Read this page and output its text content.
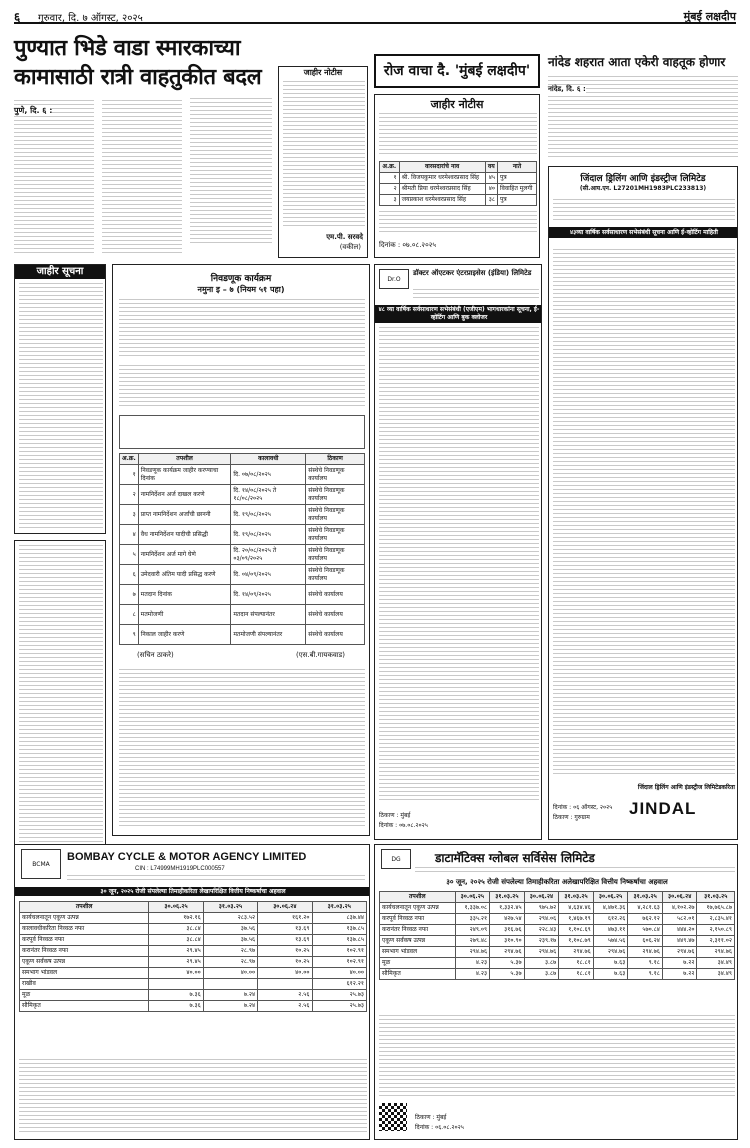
६ गुरुवार, दि. ७ ऑगस्ट, २०२५	मुंबई लक्षदीप
पुण्यात भिडे वाडा स्मारकाच्या कामासाठी रात्री वाहतुकीत बदल
पुणे, दि. ६ :
जाहीर नोटीस
एम.पी. सरवदे
(वकील)
रोज वाचा दै. 'मुंबई लक्षदीप'
जाहीर नोटीस
अ.क्र.	वारसदारांचे नाव	वय	नाते
१	श्री. विजयकुमार धरमेश्वरप्रसाद सिंह	४५	पुत्र
२	श्रीमती प्रिया धरमेश्वरप्रसाद सिंह	४०	विवाहित मुलगी
३	जयप्रकाश धरमेश्वरप्रसाद सिंह	३८	पुत्र
दिनांक : ०७.०८.२०२५
नांदेड शहरात आता एकेरी वाहतूक होणार
नांदेड, दि. ६ :
जिंदाल ड्रिलिंग आणि इंडस्ट्रीज लिमिटेड
(सी.आय.एन. L27201MH1983PLC233813)
४३व्या वार्षिक सर्वसाधारण सभेसंबंधी सूचना आणि ई-व्होटिंग माहिती
जिंदाल ड्रिलिंग आणि इंडस्ट्रीज लिमिटेडकरिता
दिनांक : ०६ ऑगस्ट, २०२५
ठिकाण : गुरुग्राम JINDAL
जाहीर सूचना
निवडणूक कार्यक्रम
नमुना इ – ७ (नियम ५१ पहा)
अ.क्र.	तपशील	कालावधी	ठिकाण
१	निवडणूक कार्यक्रम जाहीर करण्याचा दिनांक	दि. ०७/०८/२०२५	संस्थेचे निवडणूक कार्यालय
२	नामनिर्देशन अर्ज दाखल करणे	दि. १४/०८/२०२५ ते १८/०८/२०२५	संस्थेचे निवडणूक कार्यालय
३	प्राप्त नामनिर्देशन अर्जांची छाननी	दि. १९/०८/२०२५	संस्थेचे निवडणूक कार्यालय
४	वैध नामनिर्देशन यादीची प्रसिद्धी	दि. १९/०८/२०२५	संस्थेचे निवडणूक कार्यालय
५	नामनिर्देशन अर्ज मागे घेणे	दि. २०/०८/२०२५ ते ०३/०९/२०२५	संस्थेचे निवडणूक कार्यालय
६	उमेदवारी अंतिम यादी प्रसिद्ध करणे	दि. ०४/०९/२०२५	संस्थेचे निवडणूक कार्यालय
७	मतदान दिनांक	दि. १४/०९/२०२५	संस्थेचे कार्यालय
८	मतमोजणी	मतदान संपल्यानंतर	संस्थेचे कार्यालय
९	निकाल जाहीर करणे	मतमोजणी संपल्यानंतर	संस्थेचे कार्यालय
(सचिन ठाकरे)	(एस.बी.गायकवाड)
Dr.O
डॉक्टर ऑएटकर एंटरप्राइसेस (इंडिया) लिमिटेड
४८ व्या वार्षिक सर्वसाधारण सभेसंबंधी (एजीएम) भागधारकांना सूचना, ई-व्होटिंग आणि बुक क्लोजर
ठिकाण : मुंबई
दिनांक : ०७.०८.२०२५
BCMA
BOMBAY CYCLE & MOTOR AGENCY LIMITED
CIN : L74999MH1919PLC000557
३० जून, २०२५ रोजी संपलेल्या तिमाहीकरिता लेखापरिक्षित वित्तीय निष्कर्षाचा अहवाल
तपशील	३०.०६.२५	३१.०३.२५	३०.०६.२४	३१.०३.२५
कार्यचलनातून एकूण उत्पन्न	१७२.१६	२८३.५२	१६१.२०	८३७.४४
कालावधीकरिता निव्वळ नफा	३८.८४	३७.५६	१३.६९	१३७.८५
करपूर्व निव्वळ नफा	३८.८४	३७.५६	१३.६९	१३७.८५
करानंतर निव्वळ नफा	२९.४५	२८.९७	१०.२५	१०२.९१
एकूण सर्वंकष उत्पन्न	२९.४५	२८.९७	१०.२५	१०२.९१
समभाग भांडवल	४०.००	४०.००	४०.००	४०.००
राखीव				६१२.२१
मूळ	७.३६	७.२४	२.५६	२५.७३
सौमिकृत	७.३६	७.२४	२.५६	२५.७३
DG	डाटामॅटिक्स ग्लोबल सर्विसेस लिमिटेड
३० जून, २०२५ रोजी संपलेल्या तिमाहीकरिता अलेखापरिक्षित वित्तीय निष्कर्षाचा अहवाल
तपशील	३०.०६.२५	३१.०३.२५	३०.०६.२४	३१.०३.२५	३०.०६.२५	३१.०३.२५	३०.०६.२४	३१.०३.२५
कार्यचलनातून एकूण उत्पन्न	१,३३७.०८	१,३३२.४५	९७५.७२	४,६३४.४६	४,४७१.३६	४,२८१.६३	४,१०२.२७	१७,७६५.८७
करपूर्व निव्वळ नफा	३३५.२१	४२७.५४	२९४.०६	१,४६७.१९	६१२.२६	७६२.१२	५८२.०१	२,८३५.४१
करानंतर निव्वळ नफा	२४९.०९	३१६.७६	२२८.४३	१,१०८.६९	४७३.११	५७०.८४	४४४.२०	२,१५०.८९
एकूण सर्वंकष उत्पन्न	२७९.४८	३१०.९०	२३९.१७	१,१०८.७९	५७४.५६	६०६.२४	४४९.४७	२,३११.०२
समभाग भांडवल	२९४.७६	२९४.७६	२९४.७६	२९४.७६	२९४.७६	२९४.७६	२९४.७६	२९४.७६
मूळ	४.२३	५.३७	३.८७	१८.८१	७.६३	९.१८	७.२२	३४.४९
सौमिकृत	४.२३	५.३७	३.८७	१८.८१	७.६३	९.१८	७.२२	३४.४९
ठिकाण : मुंबई
दिनांक : ०६.०८.२०२५
